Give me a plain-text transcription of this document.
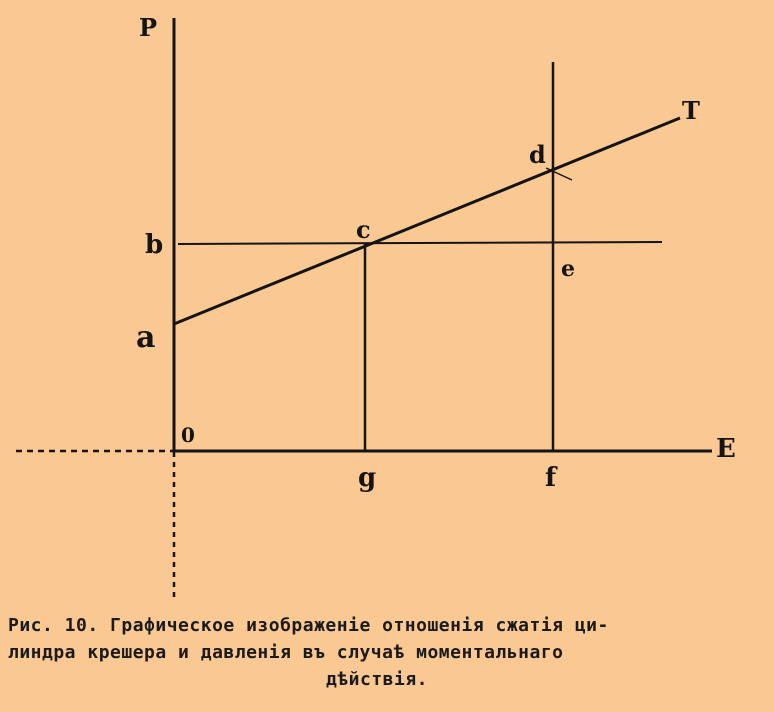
P
T
d
b
c
e
a
0	E
g	f
Рис. 10. Графическое изображенiе отношенiя сжатiя ци-
линдра крешера и давленiя въ случаѣ моментальнаго
дѣйствiя.
